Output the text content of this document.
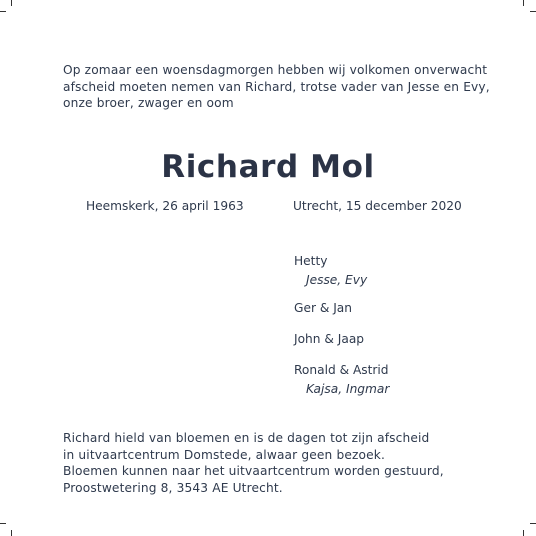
Op zomaar een woensdagmorgen hebben wij volkomen onverwacht
afscheid moeten nemen van Richard, trotse vader van Jesse en Evy,
onze broer, zwager en oom
Richard Mol
Heemskerk, 26 april 1963	Utrecht, 15 december 2020
Hetty
Jesse, Evy
Ger & Jan
John & Jaap
Ronald & Astrid
Kajsa, Ingmar
Richard hield van bloemen en is de dagen tot zijn afscheid
in uitvaartcentrum Domstede, alwaar geen bezoek.
Bloemen kunnen naar het uitvaartcentrum worden gestuurd,
Proostwetering 8, 3543 AE Utrecht.
